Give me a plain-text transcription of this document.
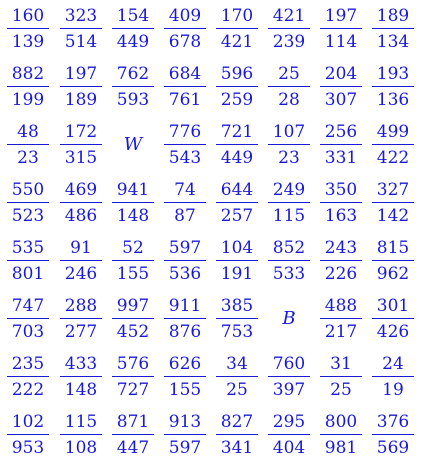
160
139
323
514
154
449
409
678
170
421
421
239
197
114
189
134
882
199
197
189
762
593
684
761
596
259
25
28
204
307
193
136
48
23
172
315
W
776
543
721
449
107
23
256
331
499
422
550
523
469
486
941
148
74
87
644
257
249
115
350
163
327
142
535
801
91
246
52
155
597
536
104
191
852
533
243
226
815
962
747
703
288
277
997
452
911
876
385
753
B
488
217
301
426
235
222
433
148
576
727
626
155
34
25
760
397
31
25
24
19
102
953
115
108
871
447
913
597
827
341
295
404
800
981
376
569
